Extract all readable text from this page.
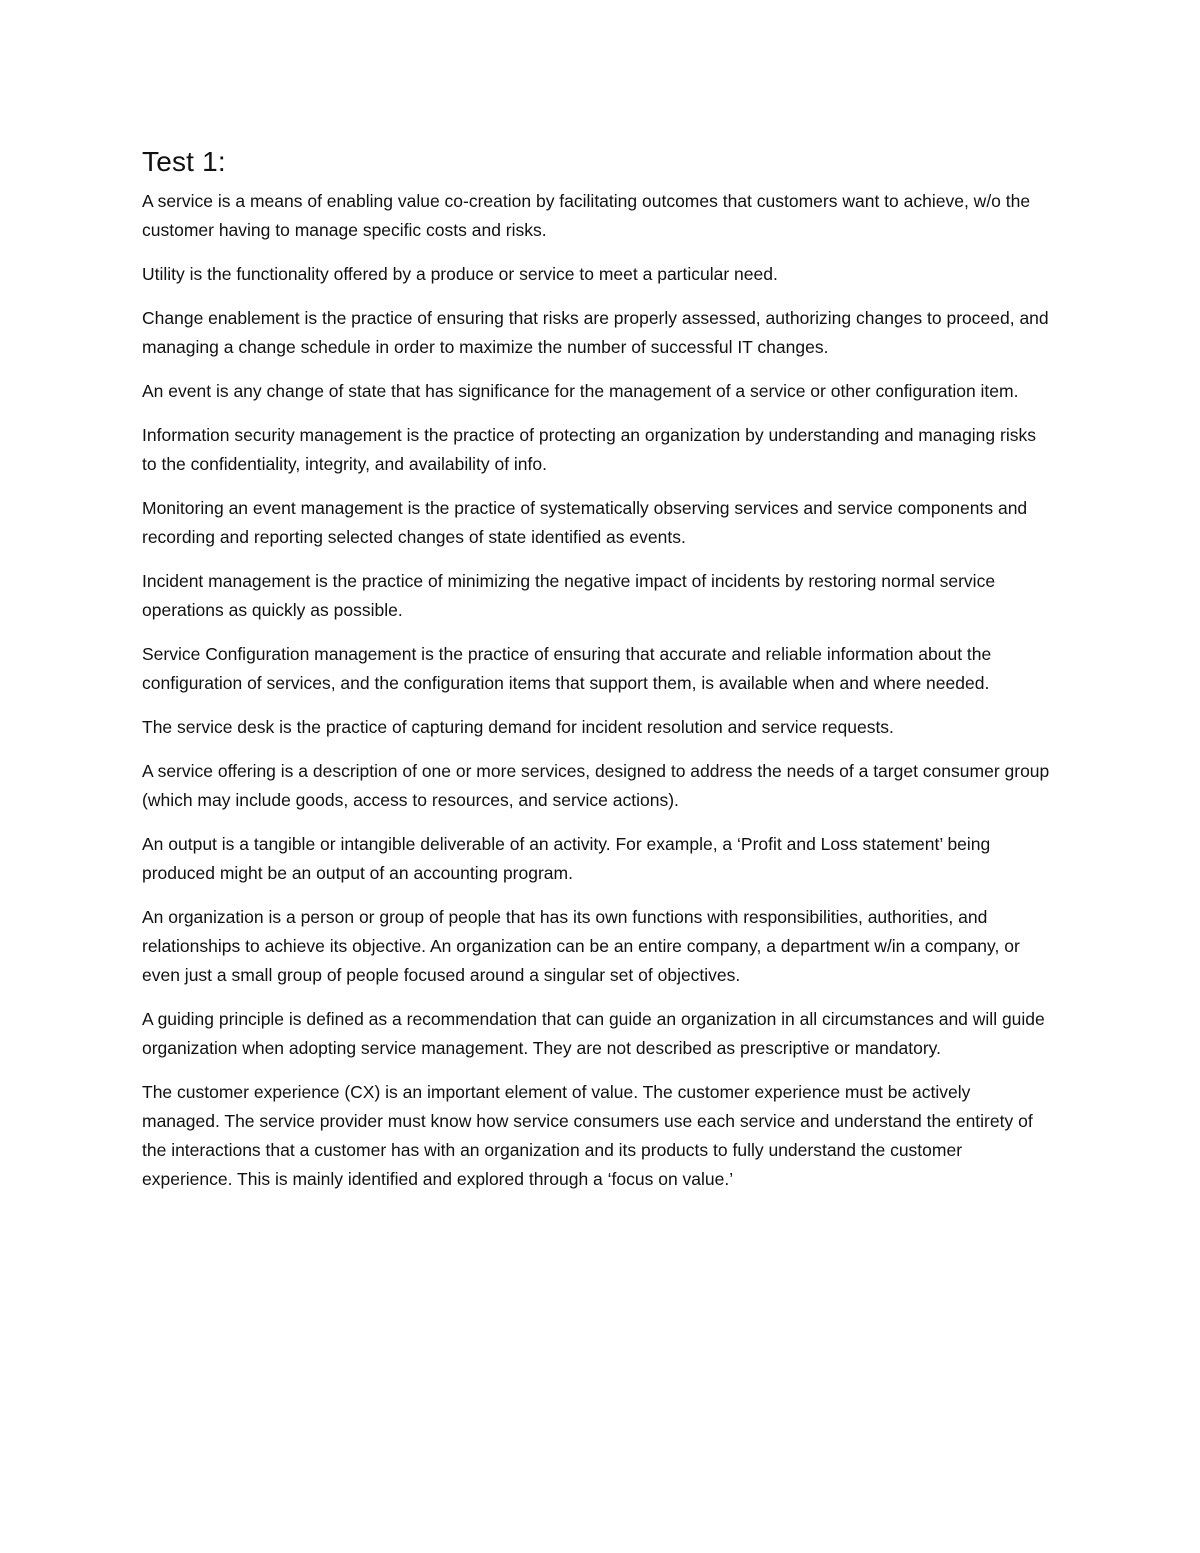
Test 1:

A service is a means of enabling value co-creation by facilitating outcomes that customers want to achieve, w/o the customer having to manage specific costs and risks.

Utility is the functionality offered by a produce or service to meet a particular need.

Change enablement is the practice of ensuring that risks are properly assessed, authorizing changes to proceed, and managing a change schedule in order to maximize the number of successful IT changes.

An event is any change of state that has significance for the management of a service or other configuration item.

Information security management is the practice of protecting an organization by understanding and managing risks to the confidentiality, integrity, and availability of info.

Monitoring an event management is the practice of systematically observing services and service components and recording and reporting selected changes of state identified as events.

Incident management is the practice of minimizing the negative impact of incidents by restoring normal service operations as quickly as possible.

Service Configuration management is the practice of ensuring that accurate and reliable information about the configuration of services, and the configuration items that support them, is available when and where needed.

The service desk is the practice of capturing demand for incident resolution and service requests.

A service offering is a description of one or more services, designed to address the needs of a target consumer group (which may include goods, access to resources, and service actions).

An output is a tangible or intangible deliverable of an activity. For example, a ‘Profit and Loss statement’ being produced might be an output of an accounting program.

An organization is a person or group of people that has its own functions with responsibilities, authorities, and relationships to achieve its objective. An organization can be an entire company, a department w/in a company, or even just a small group of people focused around a singular set of objectives.

A guiding principle is defined as a recommendation that can guide an organization in all circumstances and will guide organization when adopting service management. They are not described as prescriptive or mandatory.

The customer experience (CX) is an important element of value. The customer experience must be actively managed. The service provider must know how service consumers use each service and understand the entirety of the interactions that a customer has with an organization and its products to fully understand the customer experience. This is mainly identified and explored through a ‘focus on value.’
